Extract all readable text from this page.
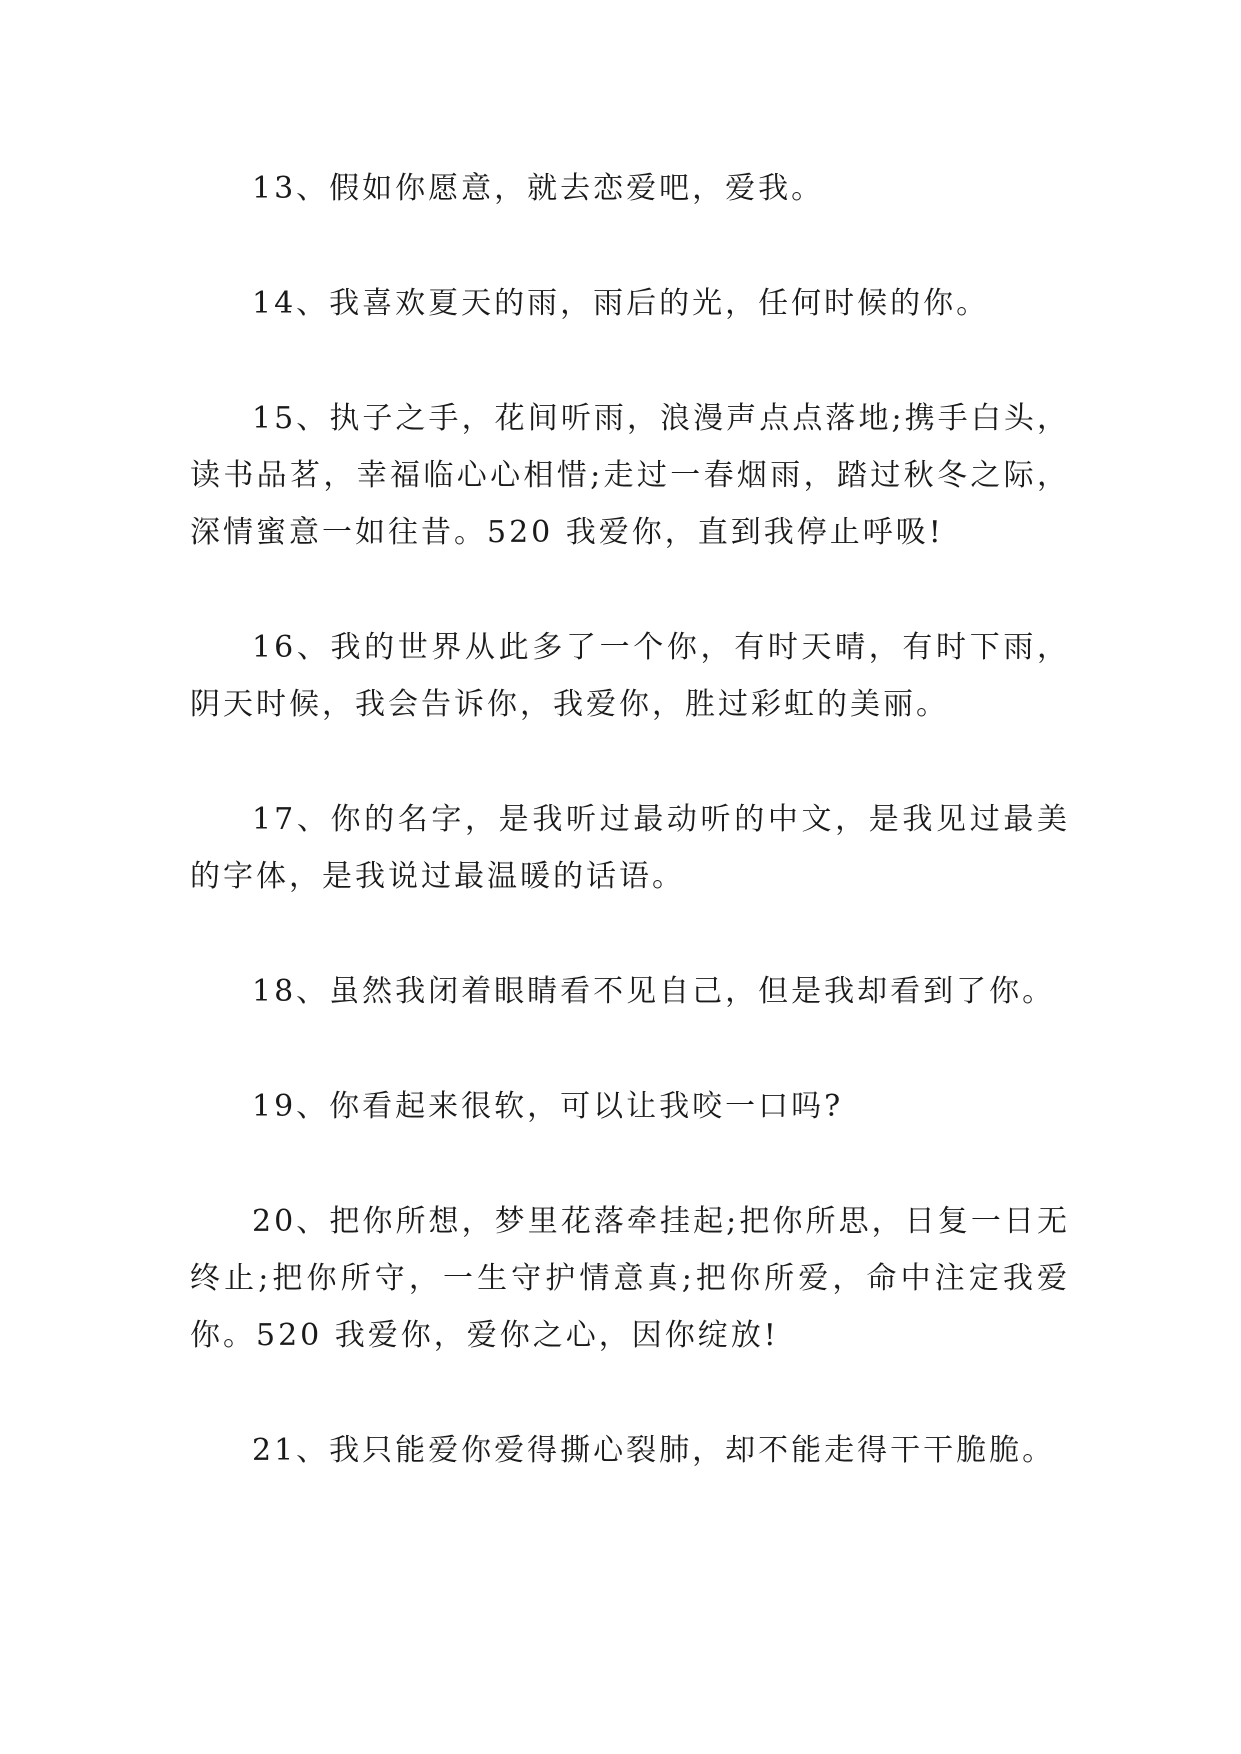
13、假如你愿意，就去恋爱吧，爱我。

14、我喜欢夏天的雨，雨后的光，任何时候的你。

15、执子之手，花间听雨，浪漫声点点落地;携手白头，读书品茗，幸福临心心相惜;走过一春烟雨，踏过秋冬之际，深情蜜意一如往昔。520 我爱你，直到我停止呼吸!

16、我的世界从此多了一个你，有时天晴，有时下雨，阴天时候，我会告诉你，我爱你，胜过彩虹的美丽。

17、你的名字，是我听过最动听的中文，是我见过最美的字体，是我说过最温暖的话语。

18、虽然我闭着眼睛看不见自己，但是我却看到了你。

19、你看起来很软，可以让我咬一口吗?

20、把你所想，梦里花落牵挂起;把你所思，日复一日无终止;把你所守，一生守护情意真;把你所爱，命中注定我爱你。520 我爱你，爱你之心，因你绽放!

21、我只能爱你爱得撕心裂肺，却不能走得干干脆脆。
